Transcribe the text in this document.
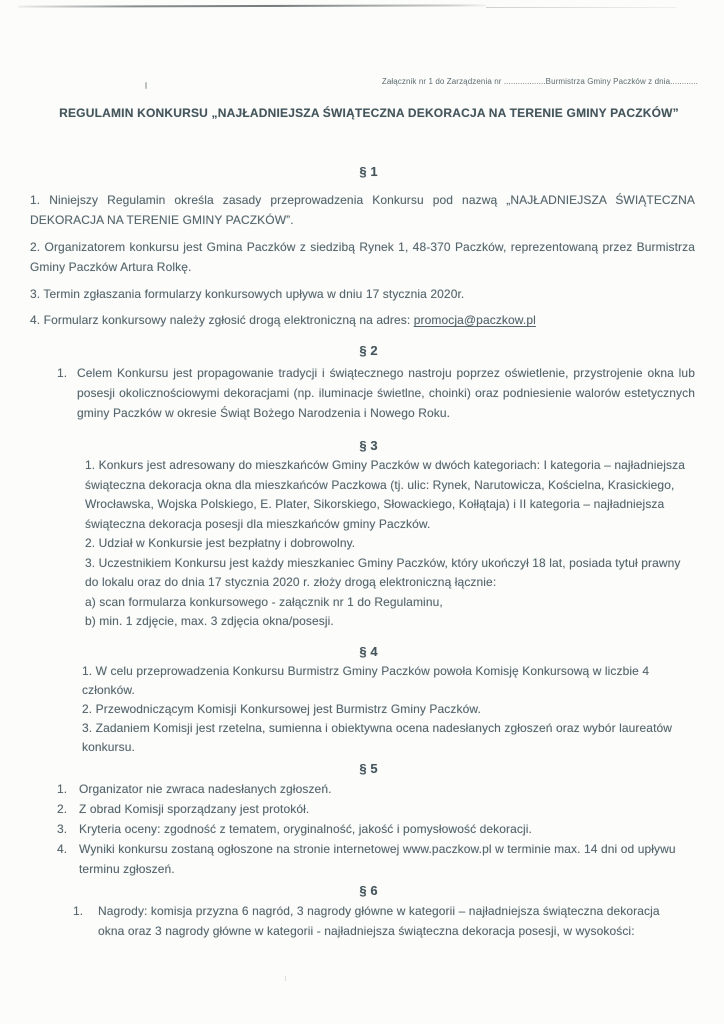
Załącznik nr 1 do Zarządzenia nr ..................Burmistrza Gminy Paczków z dnia............
REGULAMIN KONKURSU „NAJŁADNIEJSZA ŚWIĄTECZNA DEKORACJA NA TERENIE GMINY PACZKÓW”
§ 1

1. Niniejszy Regulamin określa zasady przeprowadzenia Konkursu pod nazwą „NAJŁADNIEJSZA ŚWIĄTECZNA DEKORACJA NA TERENIE GMINY PACZKÓW”.

2. Organizatorem konkursu jest Gmina Paczków z siedzibą Rynek 1, 48-370 Paczków, reprezentowaną przez Burmistrza Gminy Paczków Artura Rolkę.

3. Termin zgłaszania formularzy konkursowych upływa w dniu 17 stycznia 2020r.

4. Formularz konkursowy należy zgłosić drogą elektroniczną na adres: promocja@paczkow.pl

§ 2
1. Celem Konkursu jest propagowanie tradycji i świątecznego nastroju poprzez oświetlenie, przystrojenie okna lub posesji okolicznościowymi dekoracjami (np. iluminacje świetlne, choinki) oraz podniesienie walorów estetycznych gminy Paczków w okresie Świąt Bożego Narodzenia i Nowego Roku.
§ 3

1. Konkurs jest adresowany do mieszkańców Gminy Paczków w dwóch kategoriach: I kategoria – najładniejsza świąteczna dekoracja okna dla mieszkańców Paczkowa (tj. ulic: Rynek, Narutowicza, Kościelna, Krasickiego, Wrocławska, Wojska Polskiego, E. Plater, Sikorskiego, Słowackiego, Kołłątaja) i II kategoria – najładniejsza świąteczna dekoracja posesji dla mieszkańców gminy Paczków.

2. Udział w Konkursie jest bezpłatny i dobrowolny.

3. Uczestnikiem Konkursu jest każdy mieszkaniec Gminy Paczków, który ukończył 18 lat, posiada tytuł prawny do lokalu oraz do dnia 17 stycznia 2020 r. złoży drogą elektroniczną łącznie:

a) scan formularza konkursowego - załącznik nr 1 do Regulaminu,

b) min. 1 zdjęcie, max. 3 zdjęcia okna/posesji.

§ 4

1. W celu przeprowadzenia Konkursu Burmistrz Gminy Paczków powoła Komisję Konkursową w liczbie 4 członków.

2. Przewodniczącym Komisji Konkursowej jest Burmistrz Gminy Paczków.

3. Zadaniem Komisji jest rzetelna, sumienna i obiektywna ocena nadesłanych zgłoszeń oraz wybór laureatów konkursu.

§ 5
1. Organizator nie zwraca nadesłanych zgłoszeń.
2. Z obrad Komisji sporządzany jest protokół.
3. Kryteria oceny: zgodność z tematem, oryginalność, jakość i pomysłowość dekoracji.
4. Wyniki konkursu zostaną ogłoszone na stronie internetowej www.paczkow.pl w terminie max. 14 dni od upływu terminu zgłoszeń.
§ 6
1.	Nagrody: komisja przyzna 6 nagród, 3 nagrody główne w kategorii – najładniejsza świąteczna dekoracja okna oraz 3 nagrody główne w kategorii - najładniejsza świąteczna dekoracja posesji, w wysokości:
